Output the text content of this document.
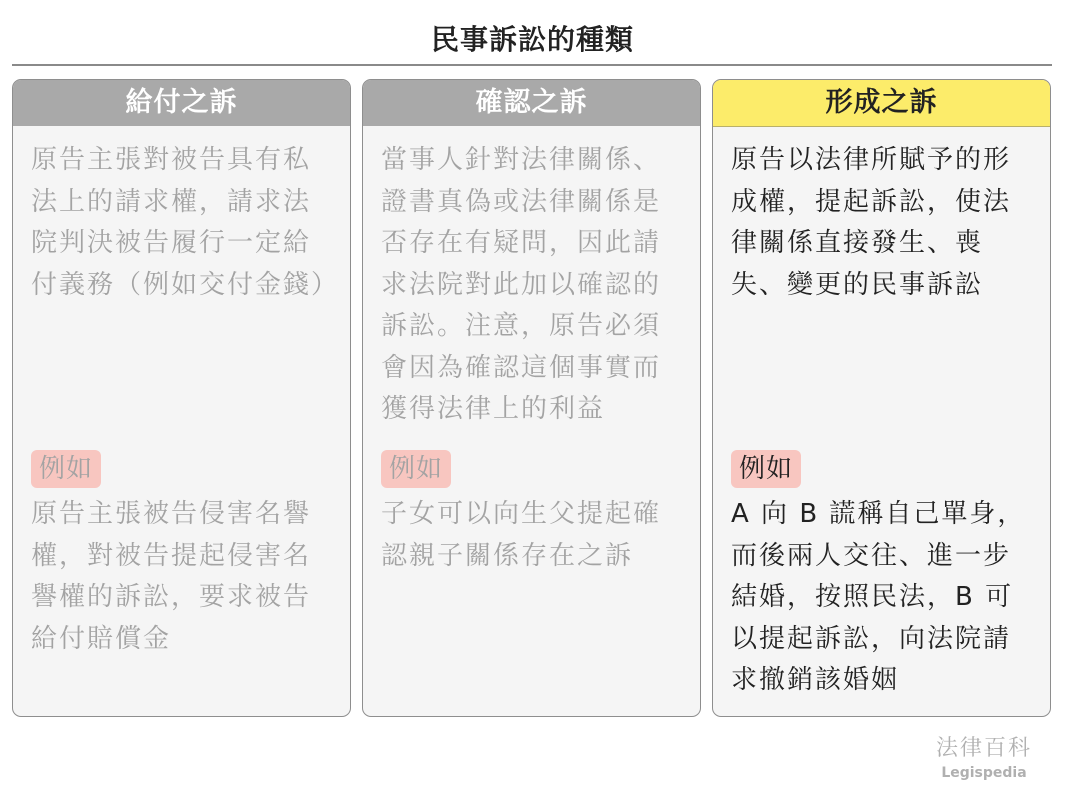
民事訴訟的種類
給付之訴
原告主張對被告具有私法上的請求權，請求法院判決被告履行一定給付義務（例如交付金錢）
例如
原告主張被告侵害名譽權，對被告提起侵害名譽權的訴訟，要求被告給付賠償金
確認之訴
當事人針對法律關係、證書真偽或法律關係是否存在有疑問，因此請求法院對此加以確認的訴訟。注意，原告必須會因為確認這個事實而獲得法律上的利益
例如
子女可以向生父提起確認親子關係存在之訴
形成之訴
原告以法律所賦予的形成權，提起訴訟，使法律關係直接發生、喪失、變更的民事訴訟
例如
A 向 B 謊稱自己單身，而後兩人交往、進一步結婚，按照民法，B 可以提起訴訟，向法院請求撤銷該婚姻
法律百科
Legispedia
